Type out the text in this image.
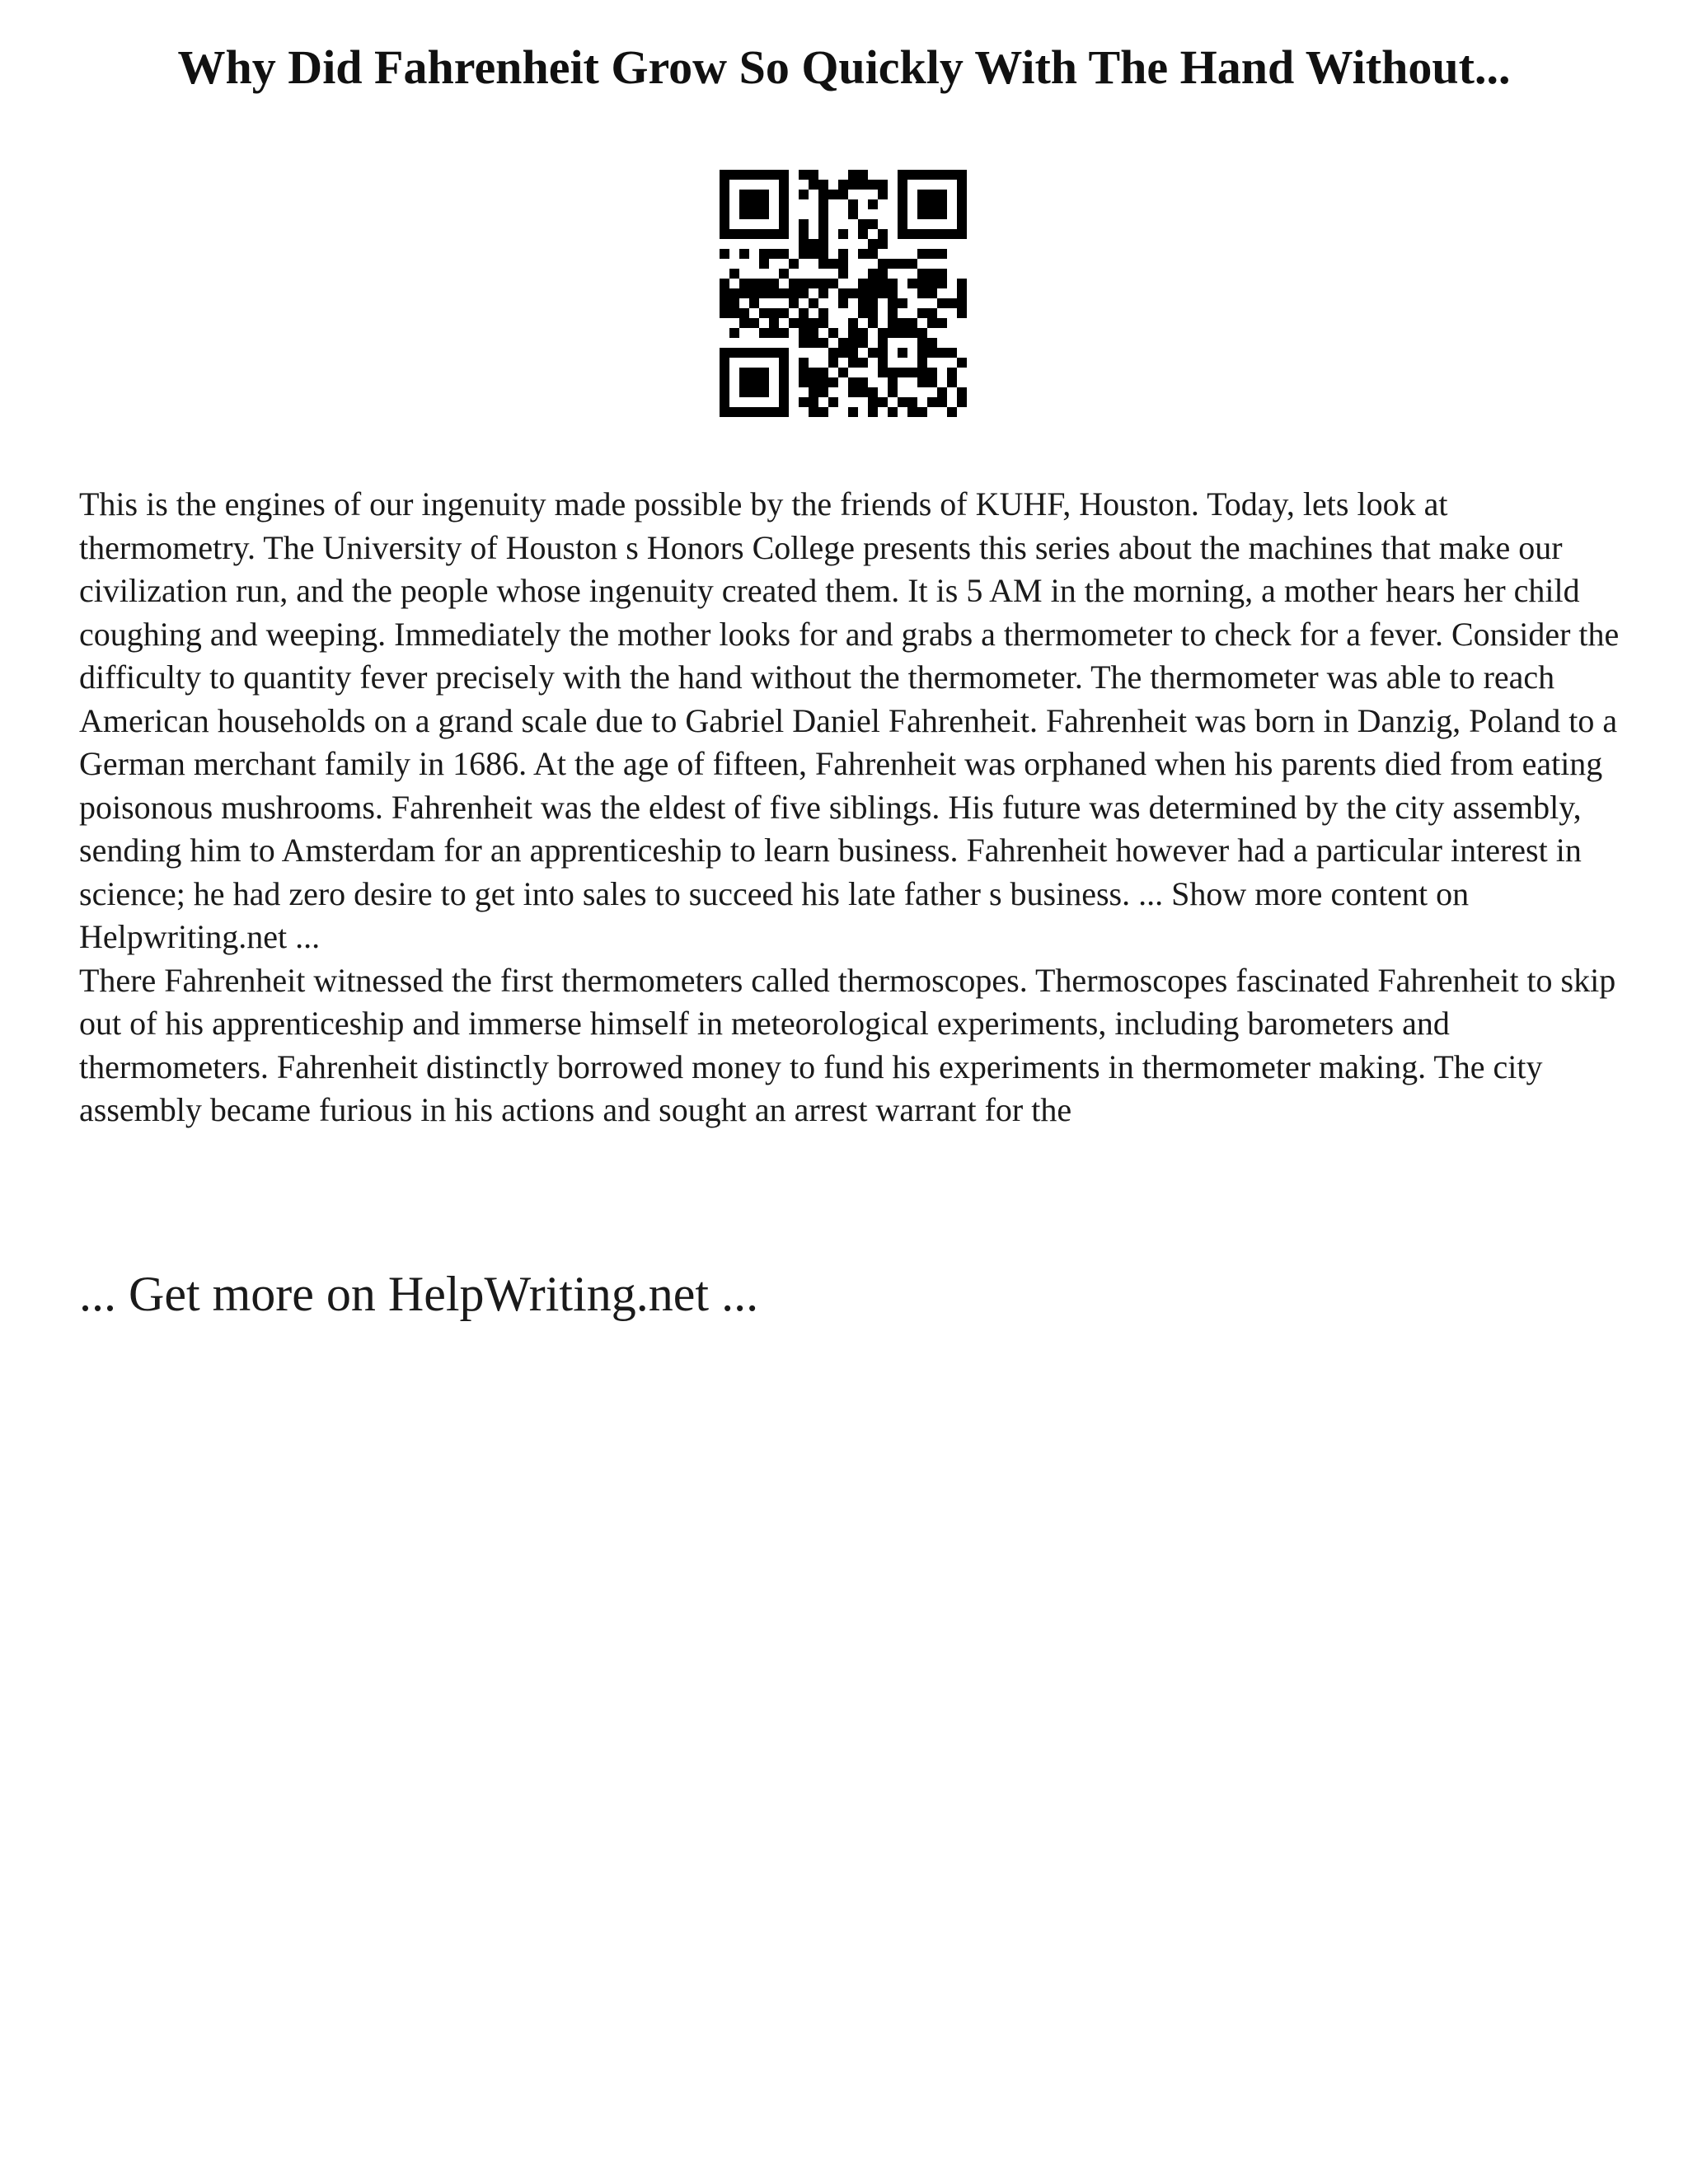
Why Did Fahrenheit Grow So Quickly With The Hand Without...

This is the engines of our ingenuity made possible by the friends of KUHF, Houston. Today, lets look at thermometry. The University of Houston s Honors College presents this series about the machines that make our civilization run, and the people whose ingenuity created them. It is 5 AM in the morning, a mother hears her child coughing and weeping. Immediately the mother looks for and grabs a thermometer to check for a fever. Consider the difficulty to quantity fever precisely with the hand without the thermometer. The thermometer was able to reach American households on a grand scale due to Gabriel Daniel Fahrenheit. Fahrenheit was born in Danzig, Poland to a German merchant family in 1686. At the age of fifteen, Fahrenheit was orphaned when his parents died from eating poisonous mushrooms. Fahrenheit was the eldest of five siblings. His future was determined by the city assembly, sending him to Amsterdam for an apprenticeship to learn business. Fahrenheit however had a particular interest in science; he had zero desire to get into sales to succeed his late father s business. ... Show more content on Helpwriting.net ...

There Fahrenheit witnessed the first thermometers called thermoscopes. Thermoscopes fascinated Fahrenheit to skip out of his apprenticeship and immerse himself in meteorological experiments, including barometers and thermometers. Fahrenheit distinctly borrowed money to fund his experiments in thermometer making. The city assembly became furious in his actions and sought an arrest warrant for the

... Get more on HelpWriting.net ...
